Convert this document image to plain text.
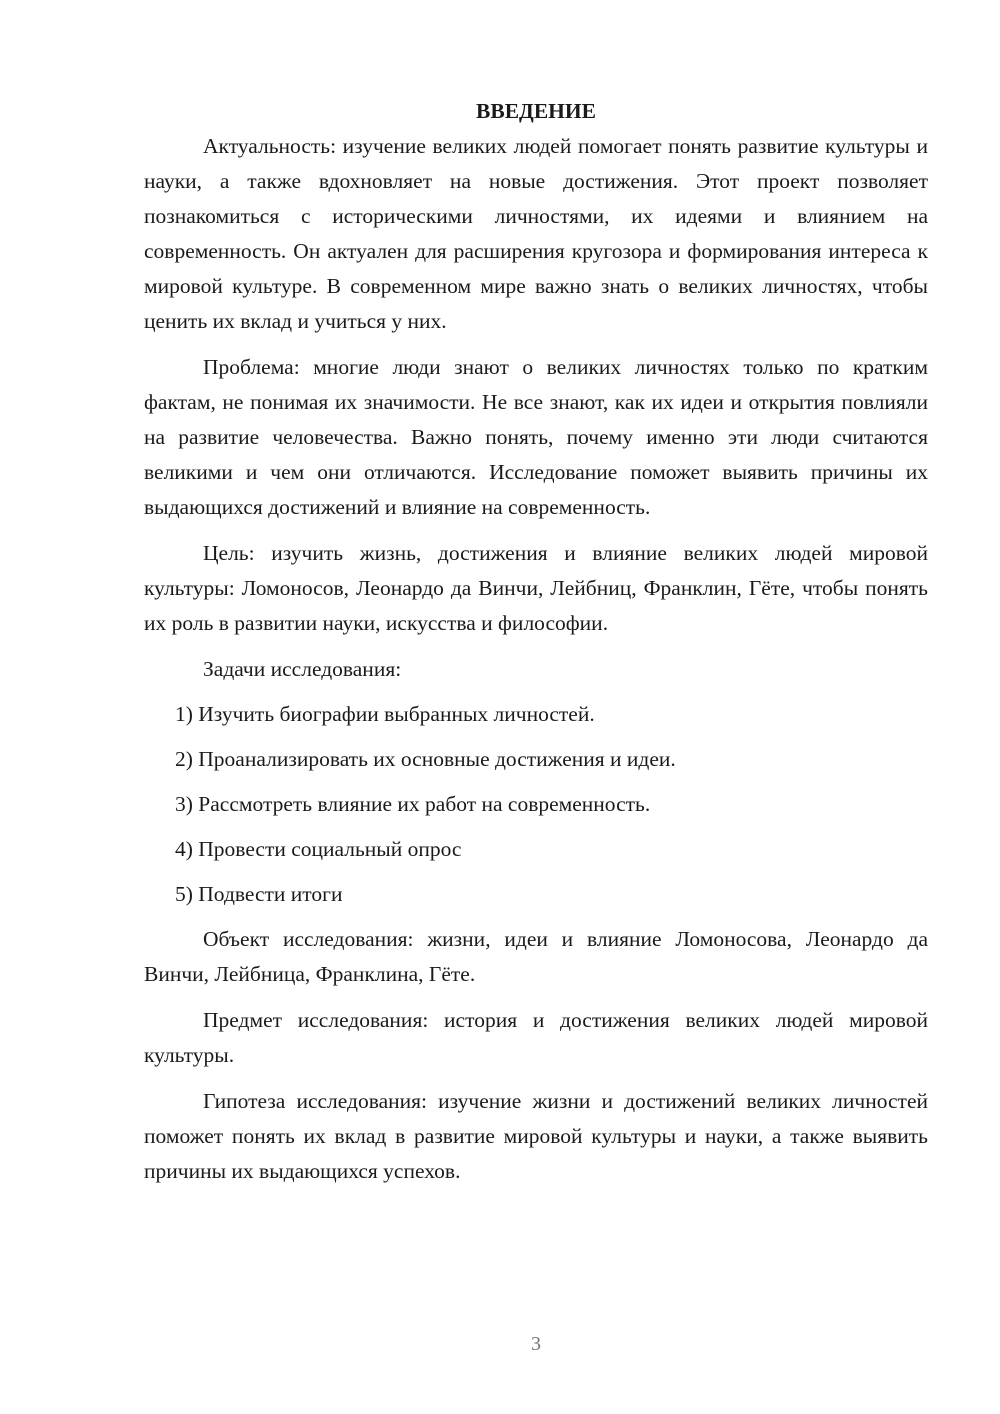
ВВЕДЕНИЕ

Актуальность: изучение великих людей помогает понять развитие культуры и науки, а также вдохновляет на новые достижения. Этот проект позволяет познакомиться с историческими личностями, их идеями и влиянием на современность. Он актуален для расширения кругозора и формирования интереса к мировой культуре. В современном мире важно знать о великих личностях, чтобы ценить их вклад и учиться у них.

Проблема: многие люди знают о великих личностях только по кратким фактам, не понимая их значимости. Не все знают, как их идеи и открытия повлияли на развитие человечества. Важно понять, почему именно эти люди считаются великими и чем они отличаются. Исследование поможет выявить причины их выдающихся достижений и влияние на современность.

Цель: изучить жизнь, достижения и влияние великих людей мировой культуры: Ломоносов, Леонардо да Винчи, Лейбниц, Франклин, Гёте, чтобы понять их роль в развитии науки, искусства и философии.

Задачи исследования:

1) Изучить биографии выбранных личностей.

2) Проанализировать их основные достижения и идеи.

3) Рассмотреть влияние их работ на современность.

4) Провести социальный опрос

5) Подвести итоги

Объект исследования: жизни, идеи и влияние Ломоносова, Леонардо да Винчи, Лейбница, Франклина, Гёте.

Предмет исследования: история и достижения великих людей мировой культуры.

Гипотеза исследования: изучение жизни и достижений великих личностей поможет понять их вклад в развитие мировой культуры и науки, а также выявить причины их выдающихся успехов.

3
